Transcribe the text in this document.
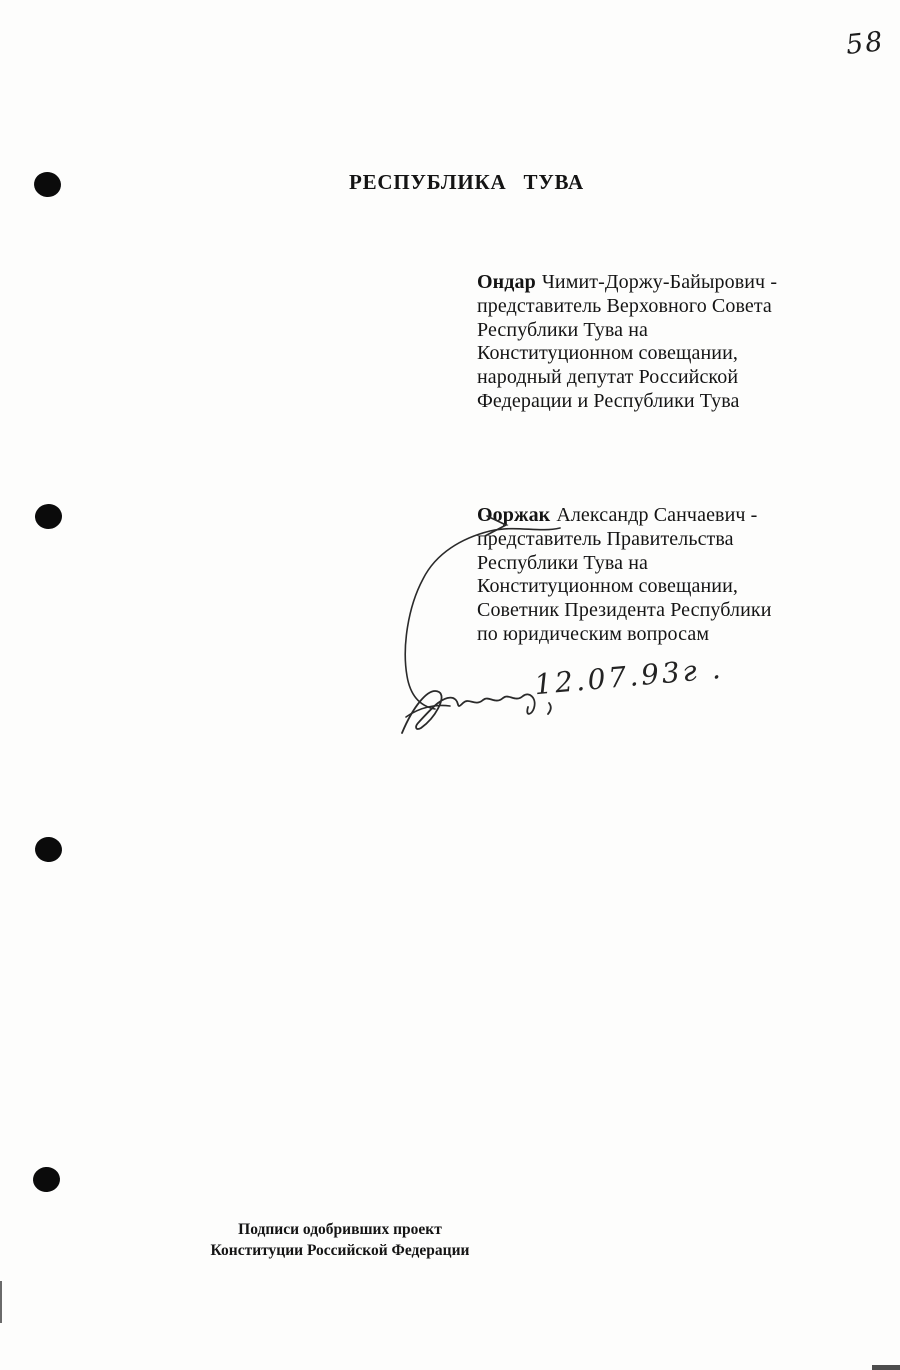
58
РЕСПУБЛИКА ТУВА
Ондар Чимит-Доржу-Байырович -
представитель Верховного Совета
Республики Тува на
Конституционном совещании,
народный депутат Российской
Федерации и Республики Тува
Ооржак Александр Санчаевич -
представитель Правительства
Республики Тува на
Конституционном совещании,
Советник Президента Республики
по юридическим вопросам
12.07.93г .
Подписи одобривших проект
Конституции Российской Федерации
